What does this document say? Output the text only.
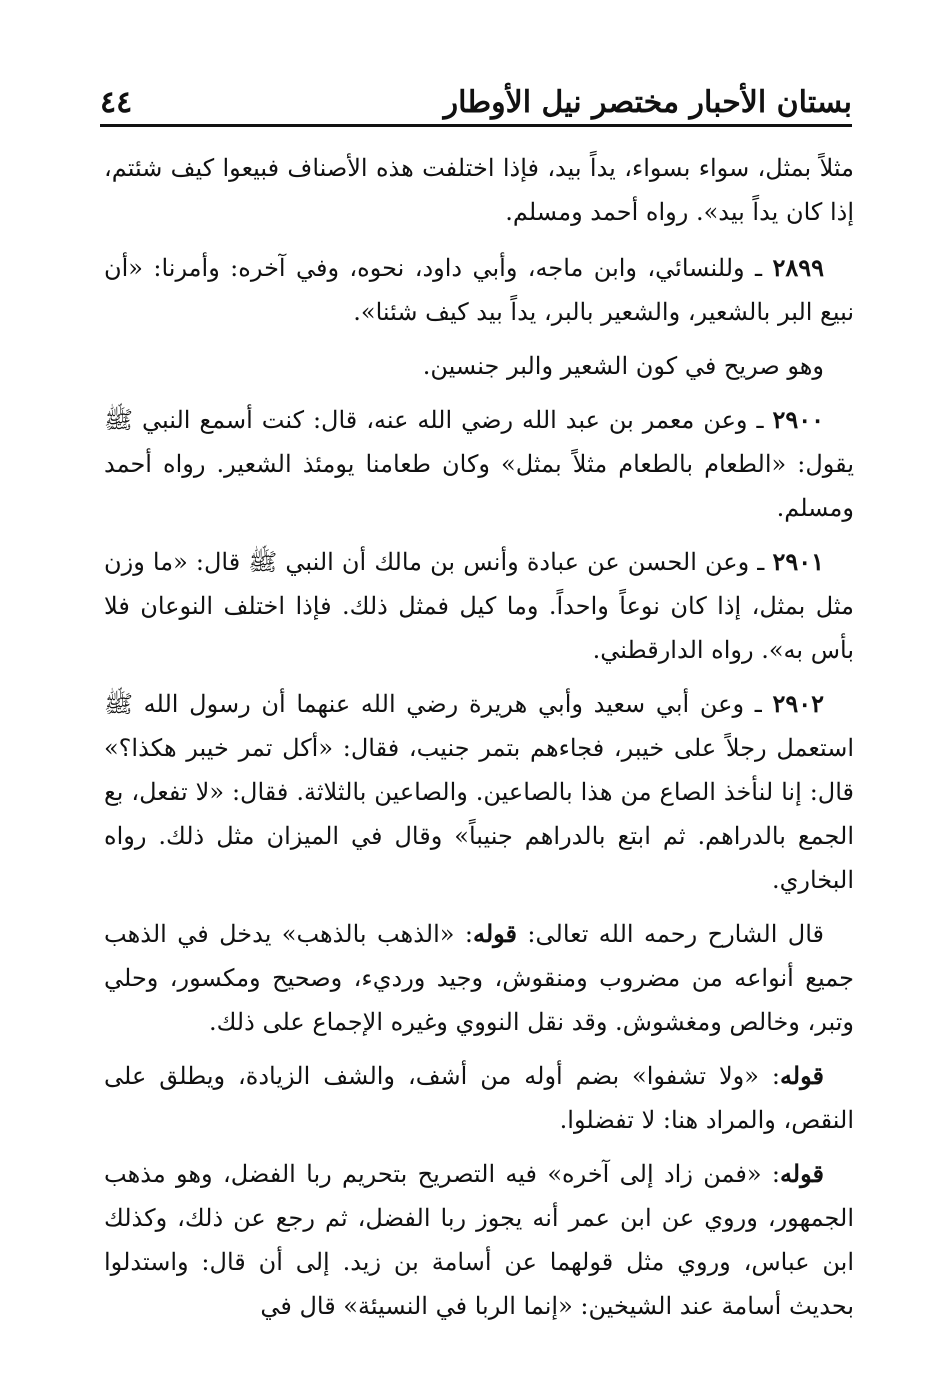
بستان الأحبار مختصر نيل الأوطار
٤٤

مثلاً بمثل، سواء بسواء، يداً بيد، فإذا اختلفت هذه الأصناف فبيعوا كيف شئتم، إذا كان يداً بيد». رواه أحمد ومسلم.

٢٨٩٩ ـ وللنسائي، وابن ماجه، وأبي داود، نحوه، وفي آخره: وأمرنا: «أن نبيع البر بالشعير، والشعير بالبر، يداً بيد كيف شئنا».

وهو صريح في كون الشعير والبر جنسين.

٢٩٠٠ ـ وعن معمر بن عبد الله رضي الله عنه، قال: كنت أسمع النبي ﷺ يقول: «الطعام بالطعام مثلاً بمثل» وكان طعامنا يومئذ الشعير. رواه أحمد ومسلم.

٢٩٠١ ـ وعن الحسن عن عبادة وأنس بن مالك أن النبي ﷺ قال: «ما وزن مثل بمثل، إذا كان نوعاً واحداً. وما كيل فمثل ذلك. فإذا اختلف النوعان فلا بأس به». رواه الدارقطني.

٢٩٠٢ ـ وعن أبي سعيد وأبي هريرة رضي الله عنهما أن رسول الله ﷺ استعمل رجلاً على خيبر، فجاءهم بتمر جنيب، فقال: «أكل تمر خيبر هكذا؟» قال: إنا لنأخذ الصاع من هذا بالصاعين. والصاعين بالثلاثة. فقال: «لا تفعل، بع الجمع بالدراهم. ثم ابتع بالدراهم جنيباً» وقال في الميزان مثل ذلك. رواه البخاري.

قال الشارح رحمه الله تعالى: قوله: «الذهب بالذهب» يدخل في الذهب جميع أنواعه من مضروب ومنقوش، وجيد ورديء، وصحيح ومكسور، وحلي وتبر، وخالص ومغشوش. وقد نقل النووي وغيره الإجماع على ذلك.

قوله: «ولا تشفوا» بضم أوله من أشف، والشف الزيادة، ويطلق على النقص، والمراد هنا: لا تفضلوا.

قوله: «فمن زاد إلى آخره» فيه التصريح بتحريم ربا الفضل، وهو مذهب الجمهور، وروي عن ابن عمر أنه يجوز ربا الفضل، ثم رجع عن ذلك، وكذلك ابن عباس، وروي مثل قولهما عن أسامة بن زيد. إلى أن قال: واستدلوا بحديث أسامة عند الشيخين: «إنما الربا في النسيئة» قال في
